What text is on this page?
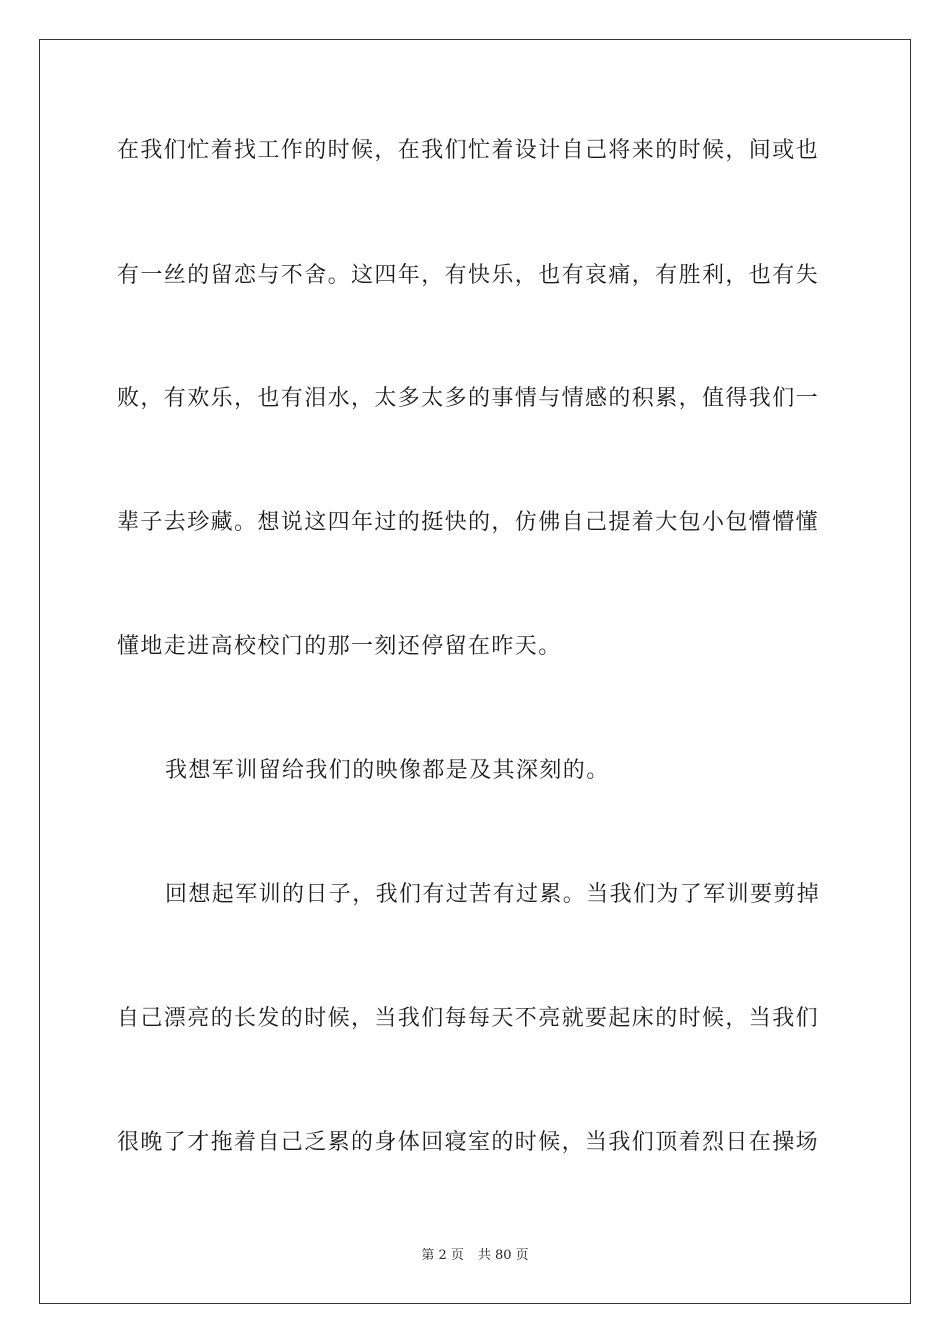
在我们忙着找工作的时候，在我们忙着设计自己将来的时候，间或也
有一丝的留恋与不舍。这四年，有快乐，也有哀痛，有胜利，也有失
败，有欢乐，也有泪水，太多太多的事情与情感的积累，值得我们一
辈子去珍藏。想说这四年过的挺快的，仿佛自己提着大包小包懵懵懂
懂地走进高校校门的那一刻还停留在昨天。
我想军训留给我们的映像都是及其深刻的。
回想起军训的日子，我们有过苦有过累。当我们为了军训要剪掉
自己漂亮的长发的时候，当我们每每天不亮就要起床的时候，当我们
很晚了才拖着自己乏累的身体回寝室的时候，当我们顶着烈日在操场
第 2 页 共 80 页
